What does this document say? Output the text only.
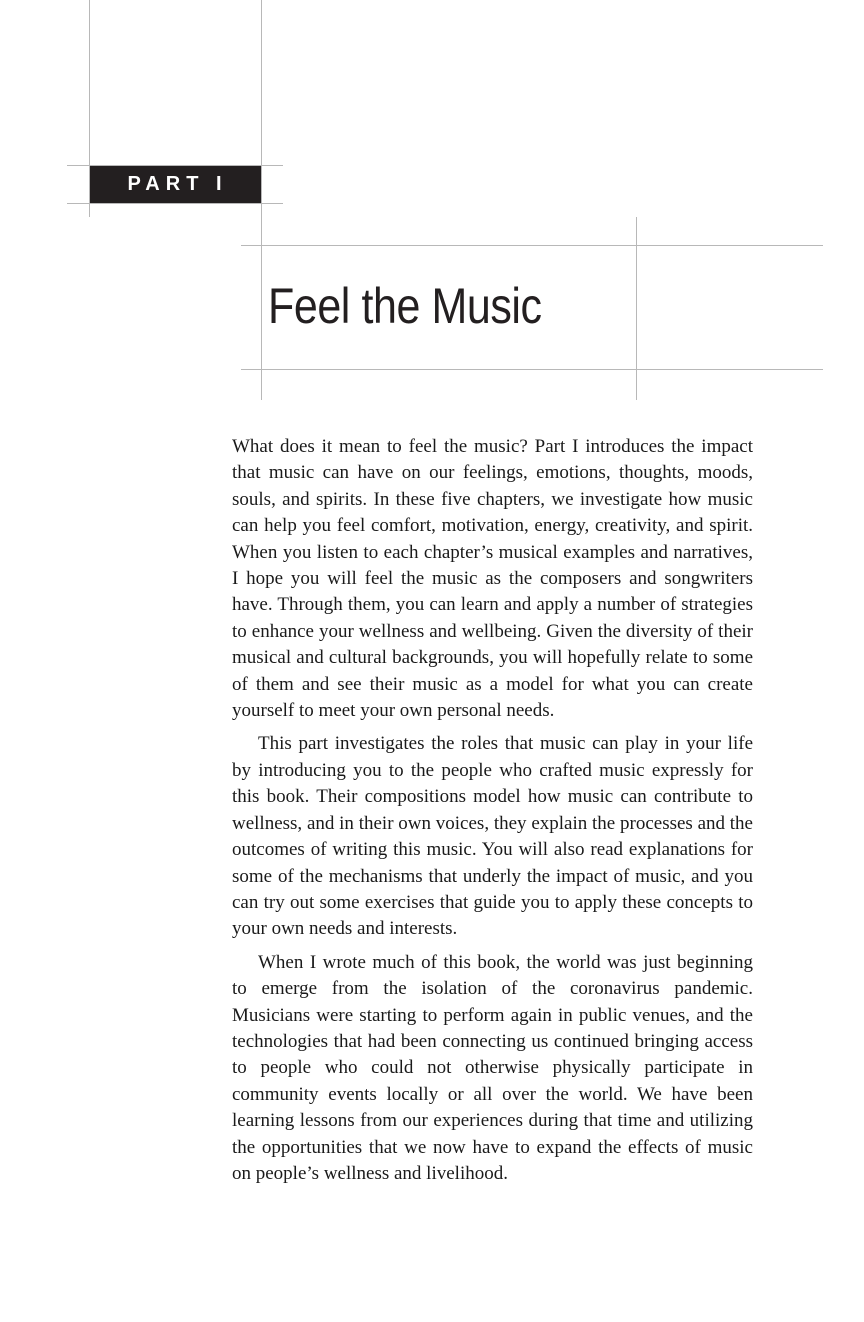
PART I
Feel the Music

What does it mean to feel the music? Part I introduces the impact that music can have on our feelings, emotions, thoughts, moods, souls, and spirits. In these five chapters, we investigate how music can help you feel comfort, motivation, energy, creativity, and spirit. When you listen to each chapter’s musical examples and narratives, I hope you will feel the music as the composers and songwriters have. Through them, you can learn and apply a number of strategies to enhance your wellness and wellbeing. Given the diversity of their musical and cultural backgrounds, you will hopefully relate to some of them and see their music as a model for what you can create yourself to meet your own personal needs.

This part investigates the roles that music can play in your life by introducing you to the people who crafted music expressly for this book. Their compositions model how music can contribute to wellness, and in their own voices, they explain the processes and the outcomes of writing this music. You will also read explanations for some of the mechanisms that underly the impact of music, and you can try out some exercises that guide you to apply these concepts to your own needs and interests.

When I wrote much of this book, the world was just beginning to emerge from the isolation of the coronavirus pandemic. Musicians were starting to perform again in public venues, and the technologies that had been connecting us continued bringing access to people who could not otherwise physically participate in community events locally or all over the world. We have been learning lessons from our experiences during that time and utilizing the opportunities that we now have to expand the effects of music on people’s wellness and livelihood.
